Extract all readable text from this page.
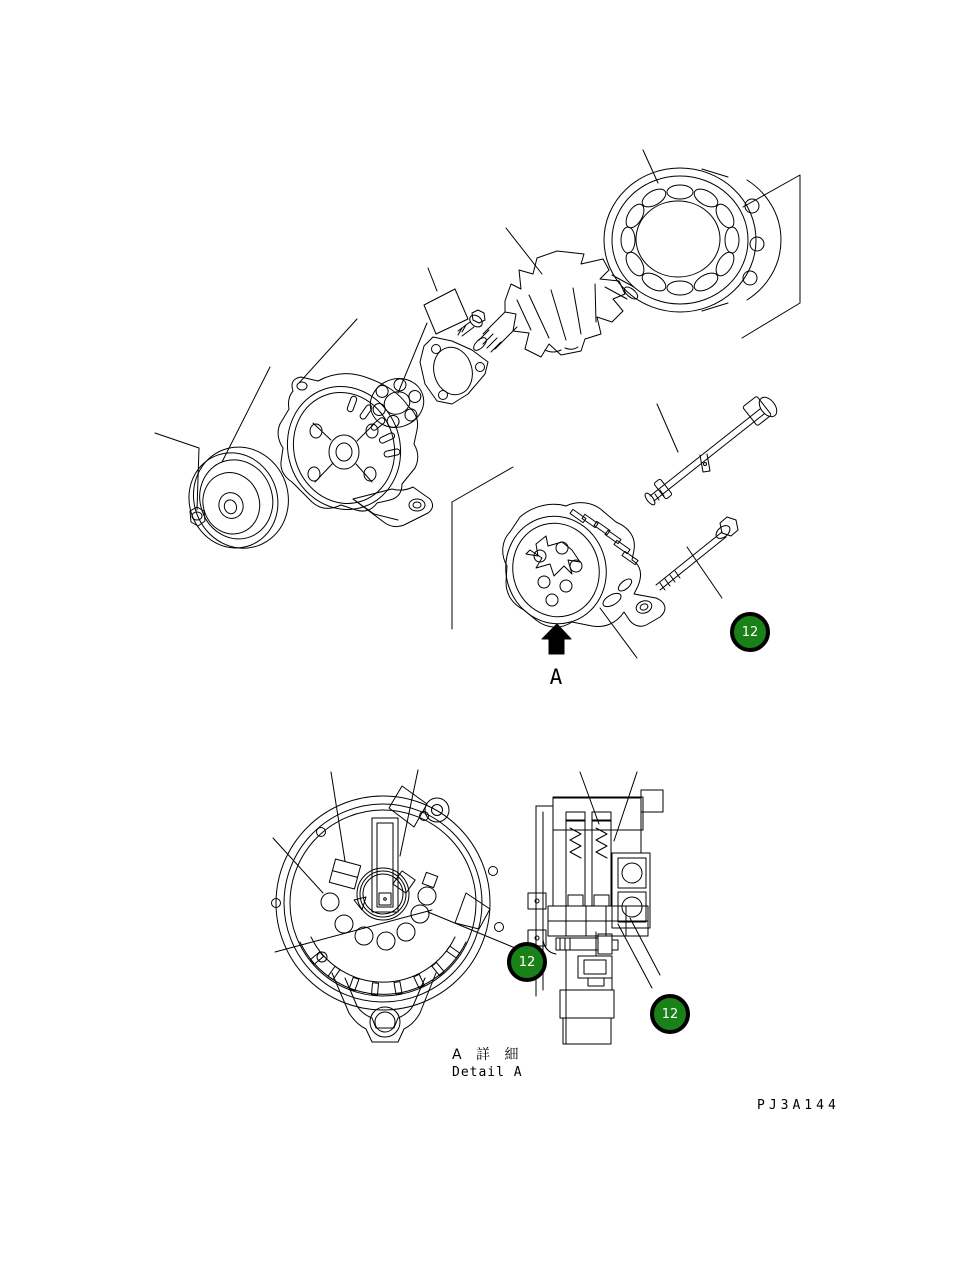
A
12
12
12
A 詳 細
Detail A
PJ3A144
